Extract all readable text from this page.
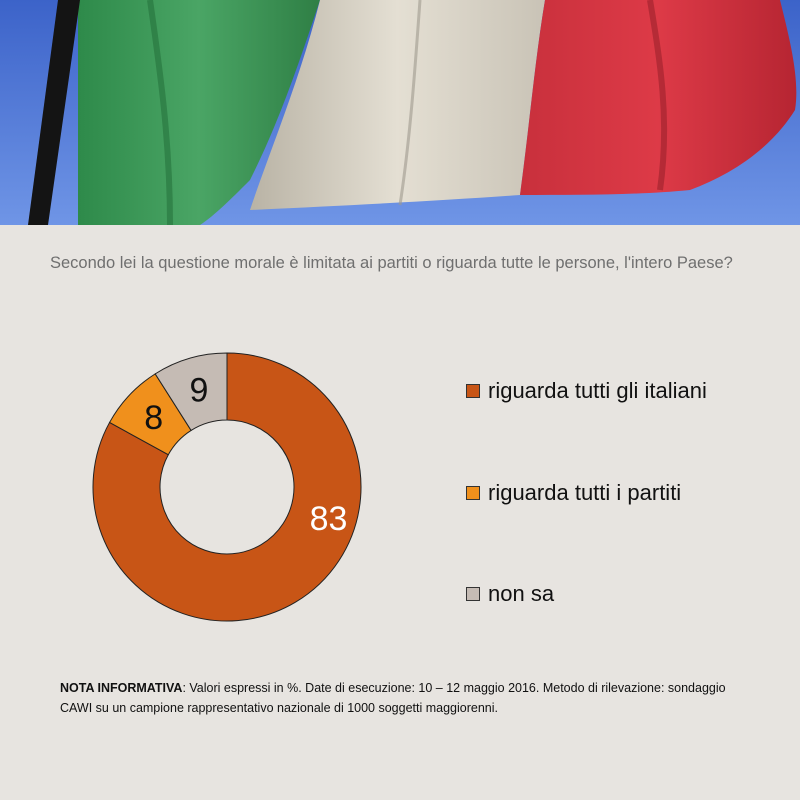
Secondo lei la questione morale è limitata ai partiti o riguarda tutte le persone, l'intero Paese?
83
8
9	riguarda tutti gli italiani
riguarda tutti i partiti
non sa
NOTA INFORMATIVA: Valori espressi in %. Date di esecuzione: 10 – 12 maggio 2016. Metodo di rilevazione: sondaggio CAWI su un campione rappresentativo nazionale di 1000 soggetti maggiorenni.
